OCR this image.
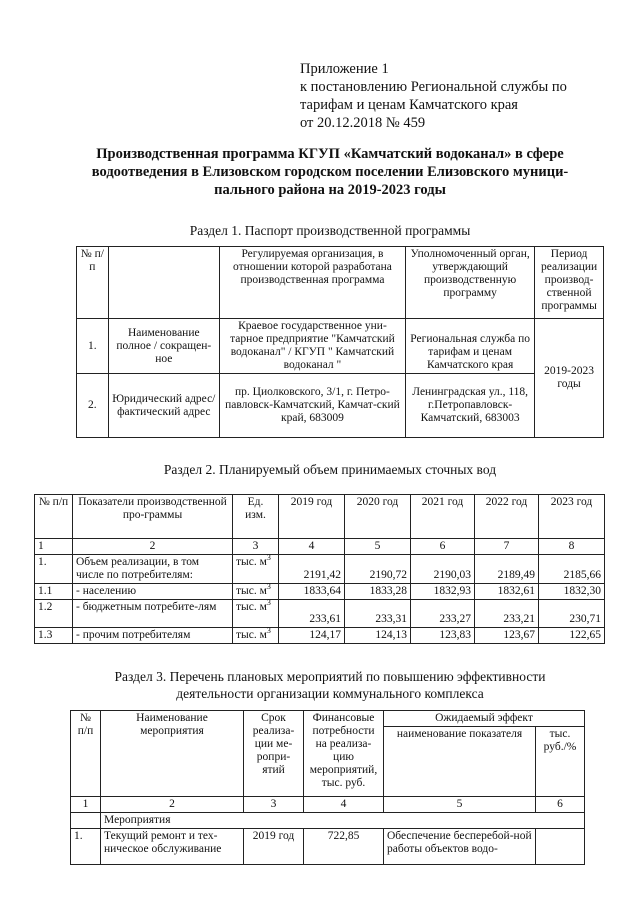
Приложение 1
к постановлению Региональной службы по
тарифам и ценам Камчатского края
от 20.12.2018 № 459
Производственная программа КГУП «Камчатский водоканал» в сфере
водоотведения в Елизовском городском поселении Елизовского муници-
пального района на 2019-2023 годы
Раздел 1. Паспорт производственной программы
№ п/п		Регулируемая организация, в отношении которой разработана производственная программа	Уполномоченный орган, утверждающий производственную программу	Период реализации производ-ственной программы
1.	Наименование полное / сокращен-ное	Краевое государственное уни-тарное предприятие "Камчатский водоканал" / КГУП " Камчатский водоканал "	Региональная служба по тарифам и ценам Камчатского края	2019-2023 годы
2.	Юридический адрес/фактический адрес	пр. Циолковского, 3/1, г. Петро-павловск-Камчатский, Камчат-ский край, 683009	Ленинградская ул., 118, г.Петропавловск-Камчатский, 683003	
Раздел 2. Планируемый объем принимаемых сточных вод
№ п/п	Показатели производственной про-граммы	Ед. изм.	2019 год	2020 год	2021 год	2022 год	2023 год
1	2	3	4	5	6	7	8
1.	Объем реализации, в том числе по потребителям:	тыс. $м^3$	2191,42	2190,72	2190,03	2189,49	2185,66
1.1	- населению	тыс. $м^3$	1833,64	1833,28	1832,93	1832,61	1832,30
1.2	- бюджетным потребите-лям	тыс. $м^3$	233,61	233,31	233,27	233,21	230,71
1.3	- прочим потребителям	тыс. $м^3$	124,17	124,13	123,83	123,67	122,65
Раздел 3. Перечень плановых мероприятий по повышению эффективности
деятельности организации коммунального комплекса
№ п/п	Наименование мероприятия	Срок реализа-ции ме-ропри-ятий	Финансовые потребности на реализа-цию мероприятий, тыс. руб.	Ожидаемый эффект	
				наименование показателя	тыс. руб./%
1	2	3	4	5	6
	Мероприятия				
1.	Текущий ремонт и тех-ническое обслуживание	2019 год	722,85	Обеспечение бесперебой-ной работы объектов водо-	
